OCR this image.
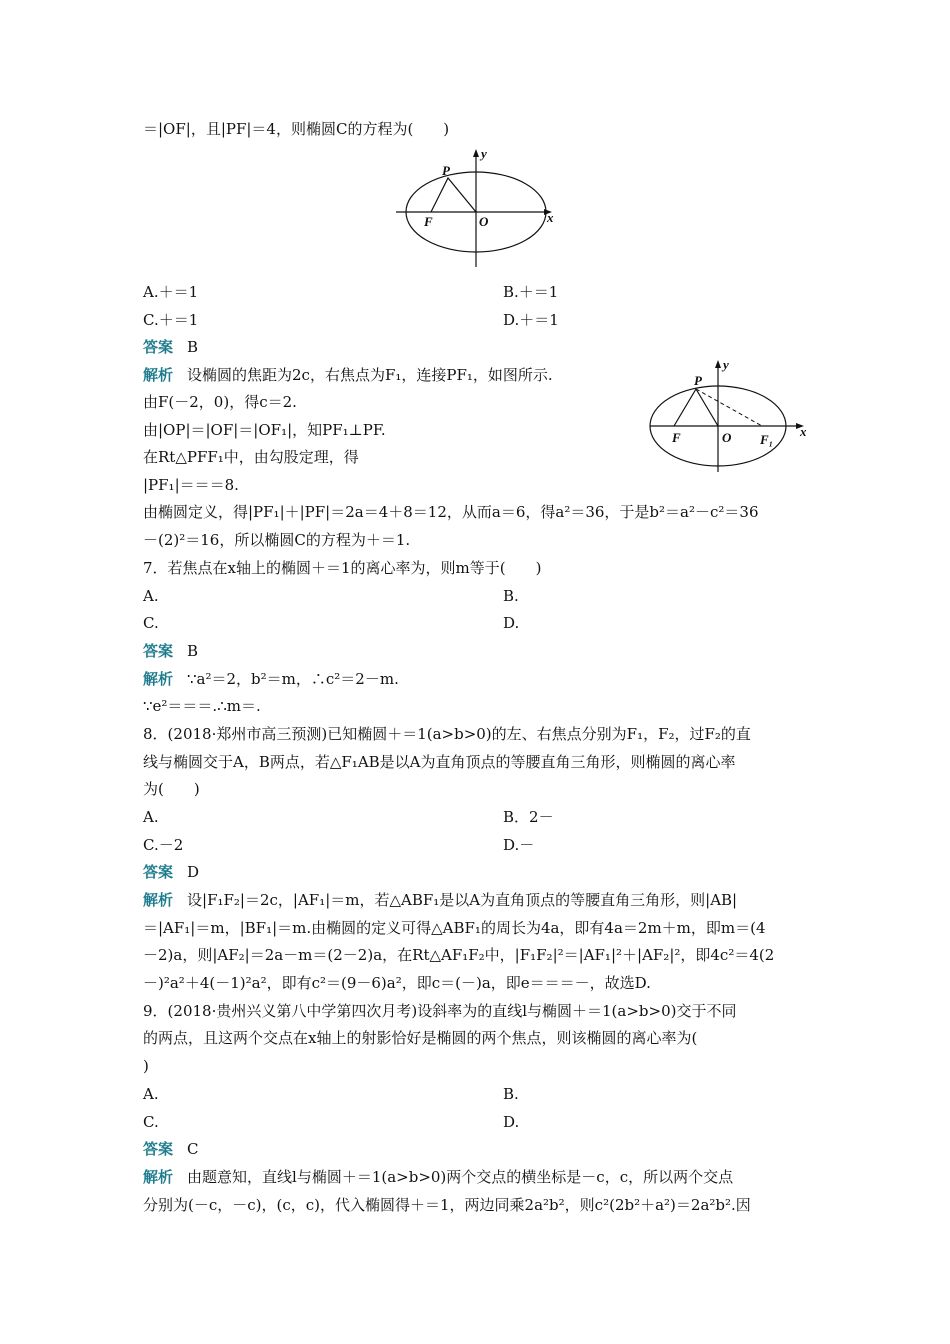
＝|OF|，且|PF|＝4，则椭圆C的方程为(　　)
P
F	O	x
y
A.＋＝1	B.＋＝1
C.＋＝1	D.＋＝1
答案 B
解析 设椭圆的焦距为2c，右焦点为F₁，连接PF₁，如图所示.
由F(－2，0)，得c＝2.
由|OP|＝|OF|＝|OF₁|，知PF₁⊥PF.
在Rt△PFF₁中，由勾股定理，得
|PF₁|＝＝＝8.
P
F	O F₁
x
y
由椭圆定义，得|PF₁|＋|PF|＝2a＝4＋8＝12，从而a＝6，得a²＝36，于是b²＝a²－c²＝36
－(2)²＝16，所以椭圆C的方程为＋＝1.
7．若焦点在x轴上的椭圆＋＝1的离心率为，则m等于(　　)
A.	B.
C.	D.
答案 B
解析 ∵a²＝2，b²＝m，∴c²＝2－m.
∵e²＝＝＝.∴m＝.
8．(2018·郑州市高三预测)已知椭圆＋＝1(a>b>0)的左、右焦点分别为F₁，F₂，过F₂的直
线与椭圆交于A，B两点，若△F₁AB是以A为直角顶点的等腰直角三角形，则椭圆的离心率
为(　　)
A.	B．2－
C.－2	D.－
答案 D
解析 设|F₁F₂|＝2c，|AF₁|＝m，若△ABF₁是以A为直角顶点的等腰直角三角形，则|AB|
＝|AF₁|＝m，|BF₁|＝m.由椭圆的定义可得△ABF₁的周长为4a，即有4a＝2m＋m，即m＝(4
－2)a，则|AF₂|＝2a－m＝(2－2)a，在Rt△AF₁F₂中，|F₁F₂|²＝|AF₁|²＋|AF₂|²，即4c²＝4(2
－)²a²＋4(－1)²a²，即有c²＝(9－6)a²，即c＝(－)a，即e＝＝＝－，故选D.
9．(2018·贵州兴义第八中学第四次月考)设斜率为的直线l与椭圆＋＝1(a>b>0)交于不同
的两点，且这两个交点在x轴上的射影恰好是椭圆的两个焦点，则该椭圆的离心率为(
)
A.	B.
C.	D.
答案 C
解析 由题意知，直线l与椭圆＋＝1(a>b>0)两个交点的横坐标是－c，c，所以两个交点
分别为(－c，－c)，(c，c)，代入椭圆得＋＝1，两边同乘2a²b²，则c²(2b²＋a²)＝2a²b².因
